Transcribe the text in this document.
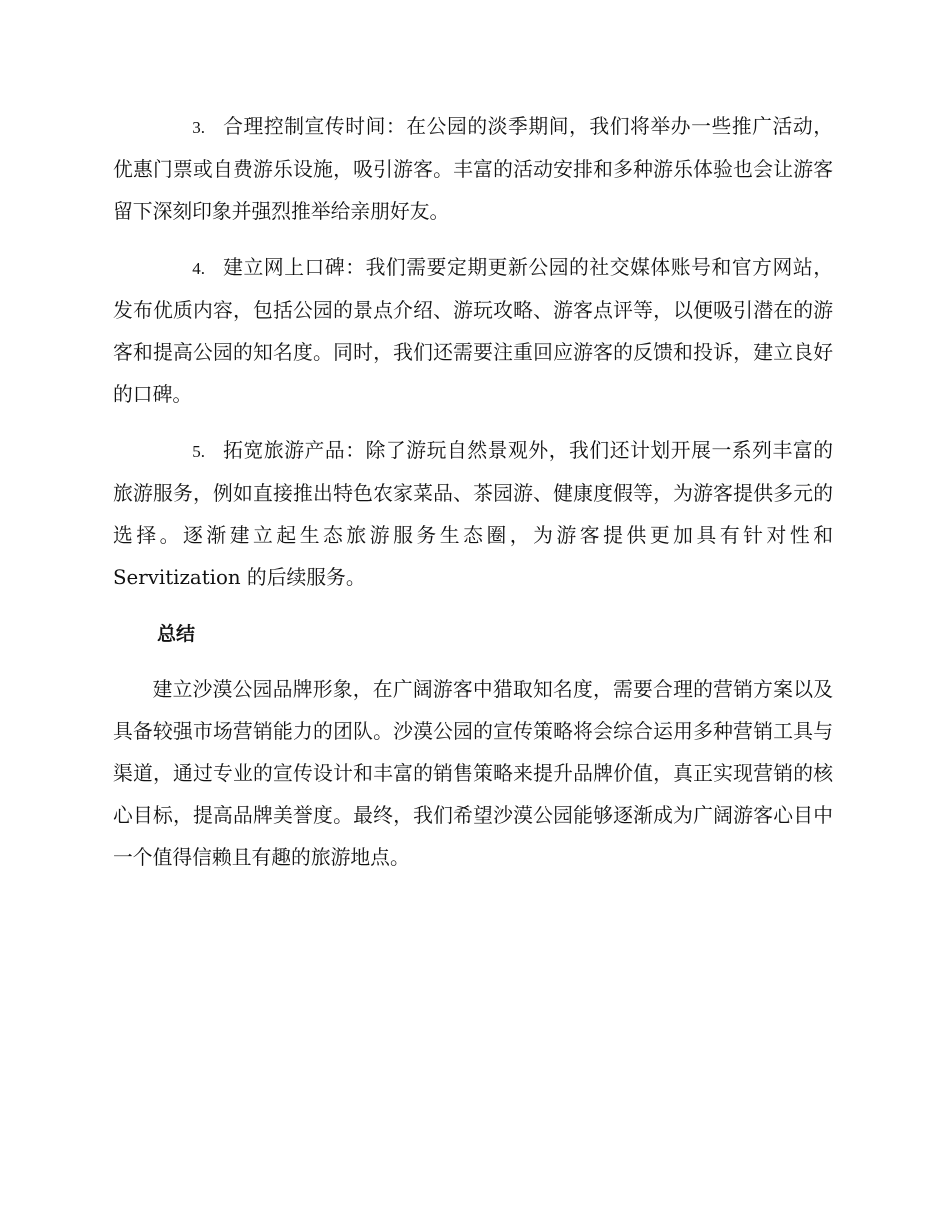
3. 合理控制宣传时间：在公园的淡季期间，我们将举办一些推广活动，优惠门票或自费游乐设施，吸引游客。丰富的活动安排和多种游乐体验也会让游客留下深刻印象并强烈推举给亲朋好友。

4. 建立网上口碑：我们需要定期更新公园的社交媒体账号和官方网站，发布优质内容，包括公园的景点介绍、游玩攻略、游客点评等，以便吸引潜在的游客和提高公园的知名度。同时，我们还需要注重回应游客的反馈和投诉，建立良好的口碑。

5. 拓宽旅游产品：除了游玩自然景观外，我们还计划开展一系列丰富的旅游服务，例如直接推出特色农家菜品、茶园游、健康度假等，为游客提供多元的选择。逐渐建立起生态旅游服务生态圈，为游客提供更加具有针对性和 Servitization 的后续服务。

总结

建立沙漠公园品牌形象，在广阔游客中猎取知名度，需要合理的营销方案以及具备较强市场营销能力的团队。沙漠公园的宣传策略将会综合运用多种营销工具与渠道，通过专业的宣传设计和丰富的销售策略来提升品牌价值，真正实现营销的核心目标，提高品牌美誉度。最终，我们希望沙漠公园能够逐渐成为广阔游客心目中一个值得信赖且有趣的旅游地点。
